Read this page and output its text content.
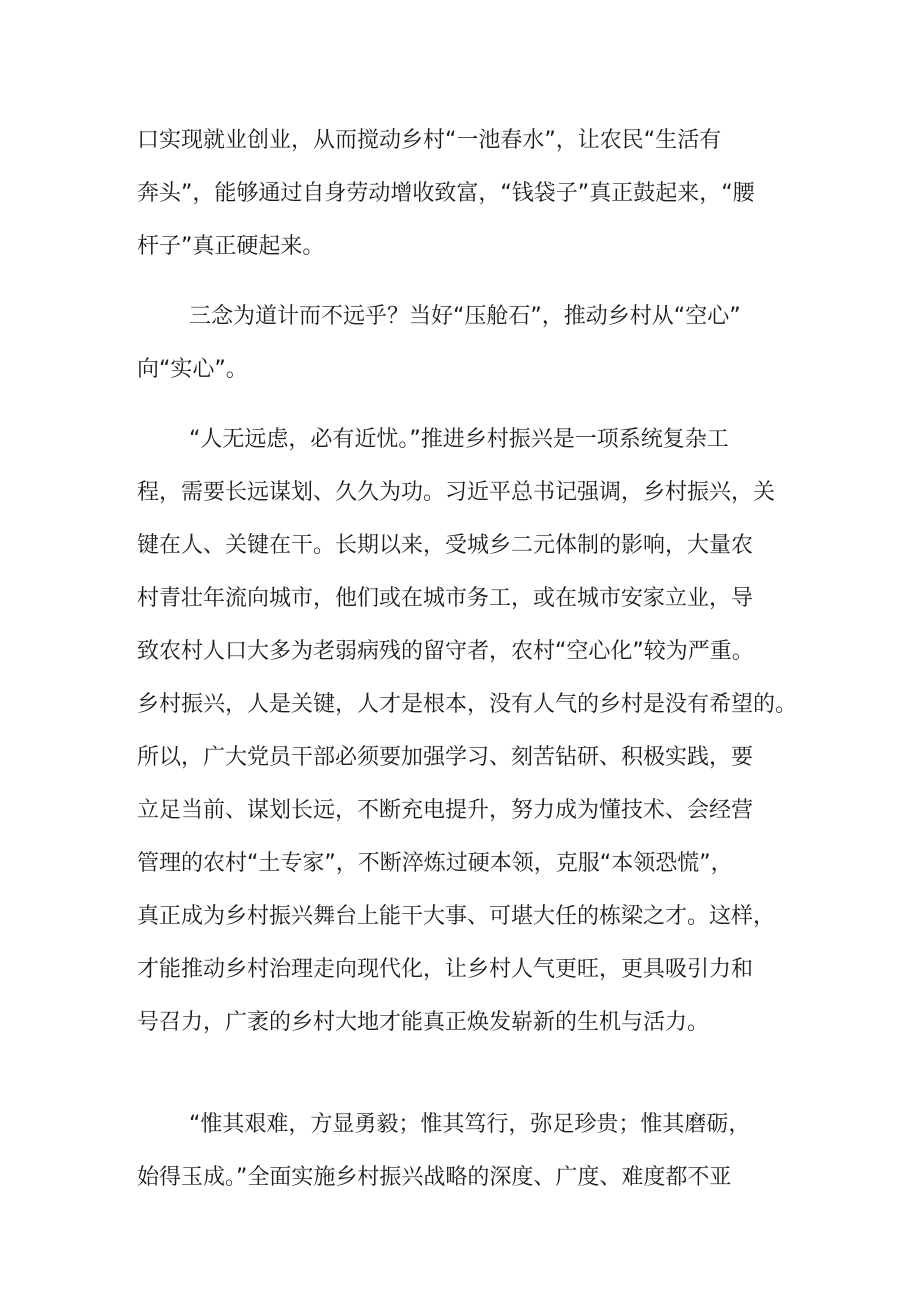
口实现就业创业，从而搅动乡村“一池春水”，让农民“生活有
奔头”，能够通过自身劳动增收致富，“钱袋子”真正鼓起来，“腰
杆子”真正硬起来。
三念为道计而不远乎？当好“压舱石”，推动乡村从“空心”
向“实心”。
“人无远虑，必有近忧。”推进乡村振兴是一项系统复杂工
程，需要长远谋划、久久为功。习近平总书记强调，乡村振兴，关
键在人、关键在干。长期以来，受城乡二元体制的影响，大量农
村青壮年流向城市，他们或在城市务工，或在城市安家立业，导
致农村人口大多为老弱病残的留守者，农村“空心化”较为严重。
乡村振兴，人是关键，人才是根本，没有人气的乡村是没有希望的。
所以，广大党员干部必须要加强学习、刻苦钻研、积极实践，要
立足当前、谋划长远，不断充电提升，努力成为懂技术、会经营
管理的农村“土专家”，不断淬炼过硬本领，克服“本领恐慌”，
真正成为乡村振兴舞台上能干大事、可堪大任的栋梁之才。这样，
才能推动乡村治理走向现代化，让乡村人气更旺，更具吸引力和
号召力，广袤的乡村大地才能真正焕发崭新的生机与活力。
“惟其艰难，方显勇毅；惟其笃行，弥足珍贵；惟其磨砺，
始得玉成。”全面实施乡村振兴战略的深度、广度、难度都不亚
